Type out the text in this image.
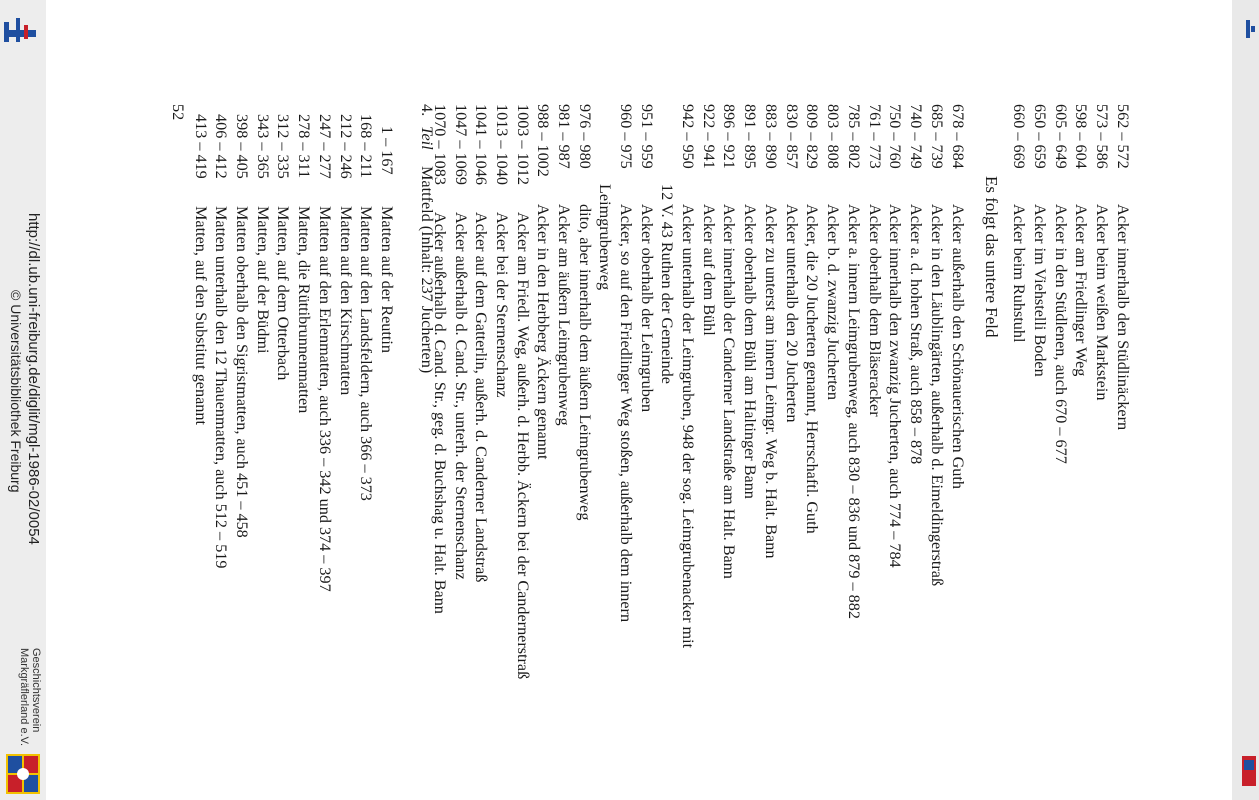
http://dl.ub.uni-freiburg.de/diglit/mgl-1986-02/0054
© Universitätsbibliothek Freiburg
Geschichtsverein
Markgräflerland e.V.
52	562 – 572Acker innerhalb den Stüdlinäckern
573 – 586Acker beim weißen Markstein
598 – 604Acker am Friedlinger Weg
605 – 649Acker in den Stüdlenen, auch 670 – 677
650 – 659Acker im Viehstelli Boden
660 – 669Acker beim Ruhstuhl
Es folgt das untere Feld
678 – 684Acker außerhalb den Schönauerischen Guth
685 – 739Acker in den Läublingärten, außerhalb d. Eimeldingerstraß
740 – 749Acker a. d. hohen Straß, auch 858 – 878
750 – 760Acker innerhalb den zwanzig Jucherten, auch 774 – 784
761 – 773Acker oberhalb dem Bläseracker
785 – 802Acker a. innern Leimgrubenweg, auch 830 – 836 und 879 – 882
803 – 808Acker b. d. zwanzig Jucherten
809 – 829Acker, die 20 Jucherten genannt, Herrschaftl. Guth
830 – 857Acker unterhalb den 20 Jucherten
883 – 890Acker zu unterst am innern Leimgr. Weg b. Halt. Bann
891 – 895Acker oberhalb dem Bühl am Haltinger Bann
896 – 921Acker innerhalb der Canderner Landstraße am Halt. Bann
922 – 941Acker auf dem Bühl
942 – 950Acker unterhalb der Leimgruben, 948 der sog. Leimgrubenacker mit
12 V. 43 Ruthen der Gemeinde
951 – 959Acker oberhalb der Leimgruben
960 – 975Acker, so auf den Friedlinger Weg stoßen, außerhalb dem innern
Leimgrubenweg
976 – 980dito, aber innerhalb dem äußern Leimgrubenweg
981 – 987Acker am äußern Leimgrubenweg
988 – 1002Acker in den Herbberg Äckern genannt
1003 – 1012Acker am Friedl. Weg, außerh. d. Herbb. Äckern bei der Candernerstraß
1013 – 1040Acker bei der Sternenschanz
1041 – 1046Acker auf dem Gatterlin, außerh. d. Canderner Landstraß
1047 – 1069Acker außerhalb d. Cand. Str., unterh. der Sternenschanz
1070 – 1083Acker außerhalb d. Cand. Str., geg. d. Buchshag u. Halt. Bann
4.TeilMattfeld (Inhalt: 237 Jucherten)
1 – 167Matten auf der Reuttin
168 – 211Matten auf den Landsfeldern, auch 366 – 373
212 – 246Matten auf den Kirschmatten
247 – 277Matten auf den Erlenmatten, auch 336 – 342 und 374 – 397
278 – 311Matten, die Rüttibrunnenmatten
312 – 335Matten, auf dem Otterbach
343 – 365Matten, auf der Büdmi
398 – 405Matten oberhalb den Sigristmatten, auch 451 – 458
406 – 412Matten unterhalb den 12 Thauenmatten, auch 512 – 519
413 – 419Matten, auf den Substitut genannt
